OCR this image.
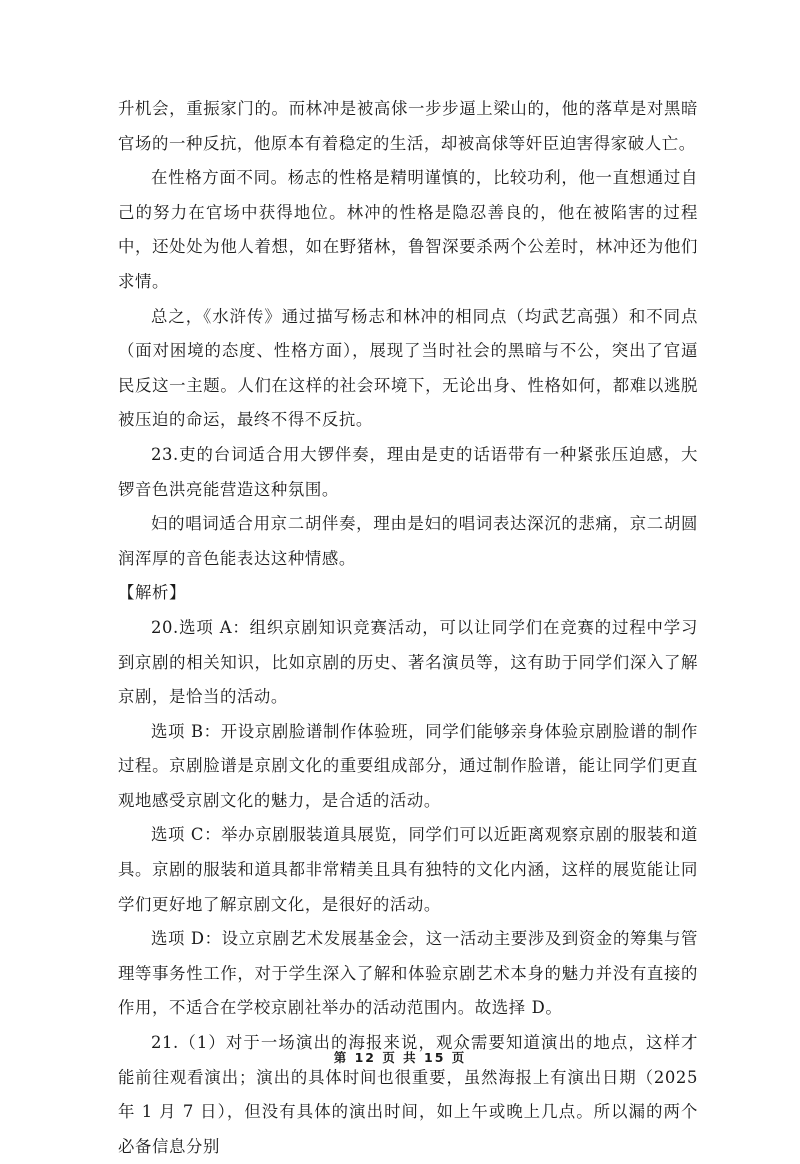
升机会，重振家门的。而林冲是被高俅一步步逼上梁山的，他的落草是对黑暗官场的一种反抗，他原本有着稳定的生活，却被高俅等奸臣迫害得家破人亡。

在性格方面不同。杨志的性格是精明谨慎的，比较功利，他一直想通过自己的努力在官场中获得地位。林冲的性格是隐忍善良的，他在被陷害的过程中，还处处为他人着想，如在野猪林，鲁智深要杀两个公差时，林冲还为他们求情。

总之，《水浒传》通过描写杨志和林冲的相同点（均武艺高强）和不同点（面对困境的态度、性格方面），展现了当时社会的黑暗与不公，突出了官逼民反这一主题。人们在这样的社会环境下，无论出身、性格如何，都难以逃脱被压迫的命运，最终不得不反抗。

23.吏的台词适合用大锣伴奏，理由是吏的话语带有一种紧张压迫感，大锣音色洪亮能营造这种氛围。

妇的唱词适合用京二胡伴奏，理由是妇的唱词表达深沉的悲痛，京二胡圆润浑厚的音色能表达这种情感。

【解析】

20.选项 A：组织京剧知识竞赛活动，可以让同学们在竞赛的过程中学习到京剧的相关知识，比如京剧的历史、著名演员等，这有助于同学们深入了解京剧，是恰当的活动。

选项 B：开设京剧脸谱制作体验班，同学们能够亲身体验京剧脸谱的制作过程。京剧脸谱是京剧文化的重要组成部分，通过制作脸谱，能让同学们更直观地感受京剧文化的魅力，是合适的活动。

选项 C：举办京剧服装道具展览，同学们可以近距离观察京剧的服装和道具。京剧的服装和道具都非常精美且具有独特的文化内涵，这样的展览能让同学们更好地了解京剧文化，是很好的活动。

选项 D：设立京剧艺术发展基金会，这一活动主要涉及到资金的筹集与管理等事务性工作，对于学生深入了解和体验京剧艺术本身的魅力并没有直接的作用，不适合在学校京剧社举办的活动范围内。故选择 D。

21.（1）对于一场演出的海报来说，观众需要知道演出的地点，这样才能前往观看演出；演出的具体时间也很重要，虽然海报上有演出日期（2025 年 1 月 7 日），但没有具体的演出时间，如上午或晚上几点。所以漏的两个必备信息分别

第 12 页 共 15 页
